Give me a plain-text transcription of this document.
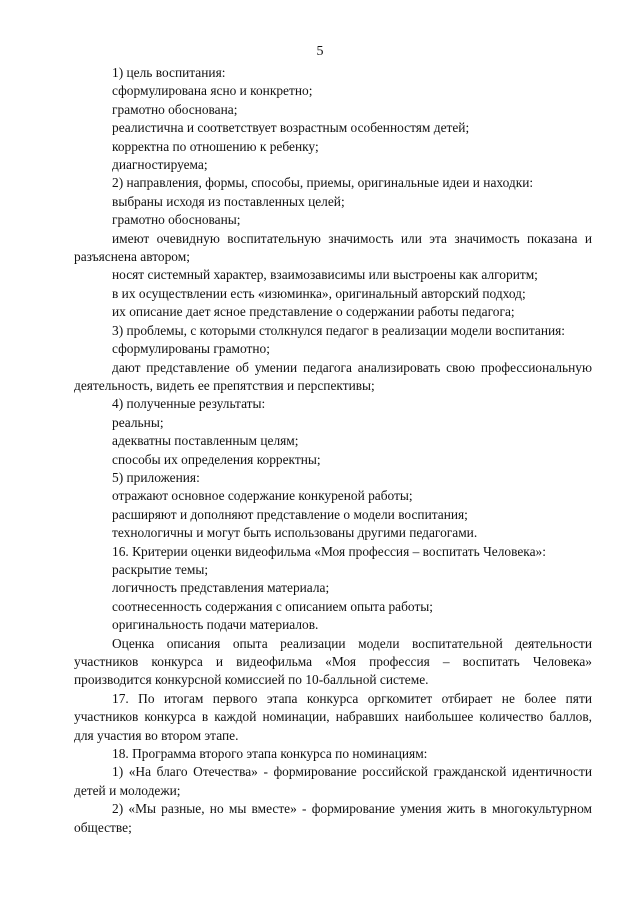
5

1) цель воспитания:

сформулирована ясно и конкретно;

грамотно обоснована;

реалистична и соответствует возрастным особенностям детей;

корректна по отношению к ребенку;

диагностируема;

2) направления, формы, способы, приемы, оригинальные идеи и находки:

выбраны исходя из поставленных целей;

грамотно обоснованы;

имеют очевидную воспитательную значимость или эта значимость показана и разъяснена автором;

носят системный характер, взаимозависимы или выстроены как алгоритм;

в их осуществлении есть «изюминка», оригинальный авторский подход;

их описание дает ясное представление о содержании работы педагога;

3) проблемы, с которыми столкнулся педагог в реализации модели воспитания:

сформулированы грамотно;

дают представление об умении педагога анализировать свою профессиональную деятельность, видеть ее препятствия и перспективы;

4) полученные результаты:

реальны;

адекватны поставленным целям;

способы их определения корректны;

5) приложения:

отражают основное содержание конкуреной работы;

расширяют и дополняют представление о модели воспитания;

технологичны и могут быть использованы другими педагогами.

16. Критерии оценки видеофильма «Моя профессия – воспитать Человека»:

раскрытие темы;

логичность представления материала;

соотнесенность содержания с описанием опыта работы;

оригинальность подачи материалов.

Оценка описания опыта реализации модели воспитательной деятельности участников конкурса и видеофильма «Моя профессия – воспитать Человека» производится конкурсной комиссией по 10-балльной системе.

17. По итогам первого этапа конкурса оргкомитет отбирает не более пяти участников конкурса в каждой номинации, набравших наибольшее количество баллов, для участия во втором этапе.

18. Программа второго этапа конкурса по номинациям:

1) «На благо Отечества» - формирование российской гражданской идентичности детей и молодежи;

2) «Мы разные, но мы вместе» - формирование умения жить в многокультурном обществе;
